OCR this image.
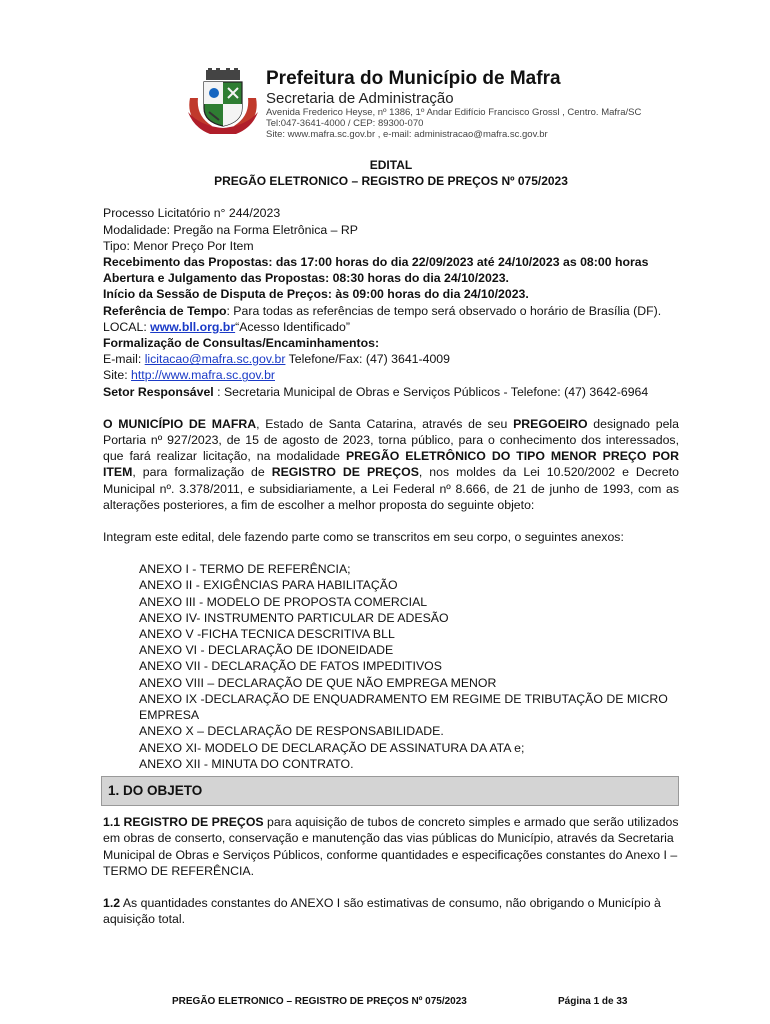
Prefeitura do Município de Mafra
Secretaria de Administração
Avenida Frederico Heyse, nº 1386, 1º Andar Edifício Francisco Grossl , Centro. Mafra/SC
Tel:047-3641-4000 / CEP: 89300-070
Site: www.mafra.sc.gov.br , e-mail: administracao@mafra.sc.gov.br
EDITAL
PREGÃO ELETRONICO – REGISTRO DE PREÇOS Nº 075/2023

Processo Licitatório n° 244/2023

Modalidade: Pregão na Forma Eletrônica – RP

Tipo: Menor Preço Por Item

Recebimento das Propostas: das 17:00 horas do dia 22/09/2023 até 24/10/2023 as 08:00 horas

Abertura e Julgamento das Propostas: 08:30 horas do dia 24/10/2023.

Início da Sessão de Disputa de Preços: às 09:00 horas do dia 24/10/2023.

Referência de Tempo: Para todas as referências de tempo será observado o horário de Brasília (DF).

LOCAL: www.bll.org.br“Acesso Identificado”

Formalização de Consultas/Encaminhamentos:

E-mail: licitacao@mafra.sc.gov.br Telefone/Fax: (47) 3641-4009

Site: http://www.mafra.sc.gov.br

Setor Responsável : Secretaria Municipal de Obras e Serviços Públicos - Telefone: (47) 3642-6964

O MUNICÍPIO DE MAFRA, Estado de Santa Catarina, através de seu PREGOEIRO designado pela Portaria nº 927/2023, de 15 de agosto de 2023, torna público, para o conhecimento dos interessados, que fará realizar licitação, na modalidade PREGÃO ELETRÔNICO DO TIPO MENOR PREÇO POR ITEM, para formalização de REGISTRO DE PREÇOS, nos moldes da Lei 10.520/2002 e Decreto Municipal nº. 3.378/2011, e subsidiariamente, a Lei Federal nº 8.666, de 21 de junho de 1993, com as alterações posteriores, a fim de escolher a melhor proposta do seguinte objeto:

Integram este edital, dele fazendo parte como se transcritos em seu corpo, o seguintes anexos:

ANEXO I - TERMO DE REFERÊNCIA;
ANEXO II - EXIGÊNCIAS PARA HABILITAÇÃO
ANEXO III - MODELO DE PROPOSTA COMERCIAL
ANEXO IV- INSTRUMENTO PARTICULAR DE ADESÃO
ANEXO V -FICHA TECNICA DESCRITIVA BLL
ANEXO VI - DECLARAÇÃO DE IDONEIDADE
ANEXO VII - DECLARAÇÃO DE FATOS IMPEDITIVOS
ANEXO VIII – DECLARAÇÃO DE QUE NÃO EMPREGA MENOR
ANEXO IX -DECLARAÇÃO DE ENQUADRAMENTO EM REGIME DE TRIBUTAÇÃO DE MICRO EMPRESA
ANEXO X – DECLARAÇÃO DE RESPONSABILIDADE.
ANEXO XI- MODELO DE DECLARAÇÃO DE ASSINATURA DA ATA e;
ANEXO XII - MINUTA DO CONTRATO.
1. DO OBJETO

1.1 REGISTRO DE PREÇOS para aquisição de tubos de concreto simples e armado que serão utilizados em obras de conserto, conservação e manutenção das vias públicas do Município, através da Secretaria Municipal de Obras e Serviços Públicos, conforme quantidades e especificações constantes do Anexo I – TERMO DE REFERÊNCIA.

1.2 As quantidades constantes do ANEXO I são estimativas de consumo, não obrigando o Município à aquisição total.

PREGÃO ELETRONICO – REGISTRO DE PREÇOS Nº 075/2023	Página 1 de 33
